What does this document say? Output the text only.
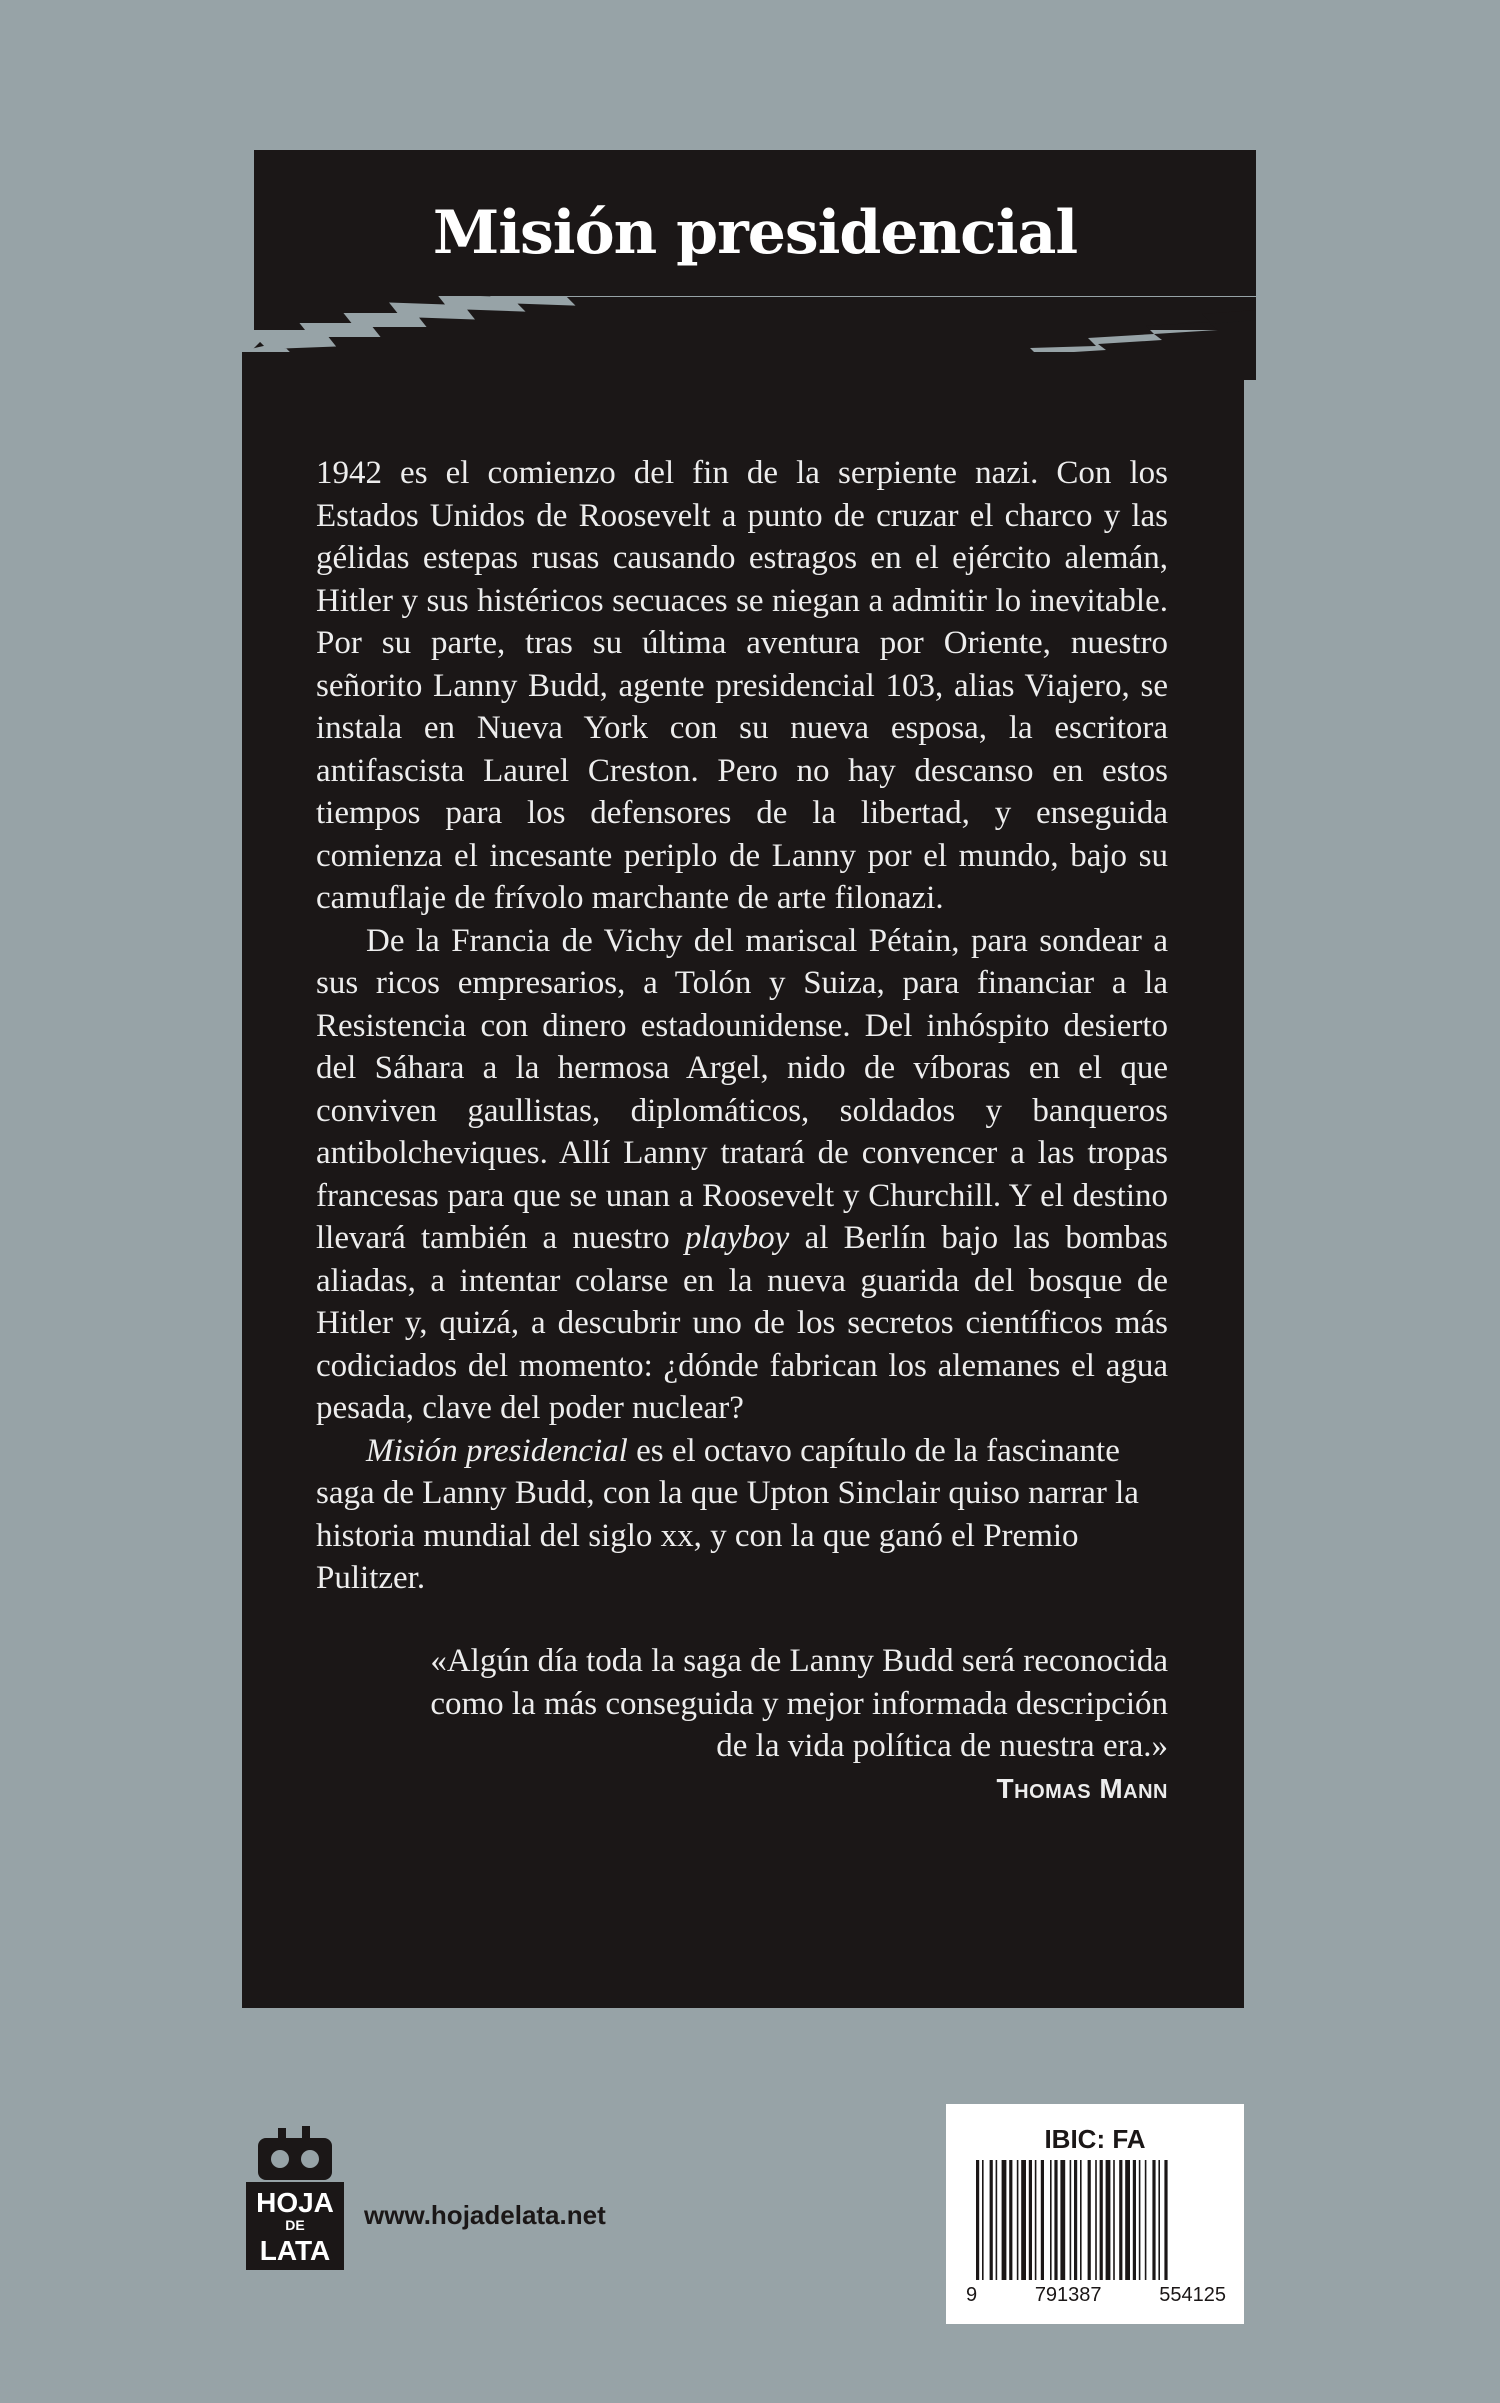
Misión presidencial

1942 es el comienzo del fin de la serpiente nazi. Con los Estados Unidos de Roosevelt a punto de cruzar el charco y las gélidas estepas rusas causando estragos en el ejército alemán, Hitler y sus histéricos secuaces se niegan a admitir lo inevitable. Por su parte, tras su última aventura por Oriente, nuestro señorito Lanny Budd, agente presidencial 103, alias Viajero, se instala en Nueva York con su nueva esposa, la escritora antifascista Laurel Creston. Pero no hay descanso en estos tiempos para los defensores de la libertad, y enseguida comienza el incesante periplo de Lanny por el mundo, bajo su camuflaje de frívolo marchante de arte filonazi.

De la Francia de Vichy del mariscal Pétain, para sondear a sus ricos empresarios, a Tolón y Suiza, para financiar a la Resistencia con dinero estadounidense. Del inhóspito desierto del Sáhara a la hermosa Argel, nido de víboras en el que conviven gaullistas, diplomáticos, soldados y banqueros antibolcheviques. Allí Lanny tratará de convencer a las tropas francesas para que se unan a Roosevelt y Churchill. Y el destino llevará también a nuestro playboy al Berlín bajo las bombas aliadas, a intentar colarse en la nueva guarida del bosque de Hitler y, quizá, a descubrir uno de los secretos científicos más codiciados del momento: ¿dónde fabrican los alemanes el agua pesada, clave del poder nuclear?

Misión presidencial es el octavo capítulo de la fascinante saga de Lanny Budd, con la que Upton Sinclair quiso narrar la historia mundial del siglo xx, y con la que ganó el Premio Pulitzer.

«Algún día toda la saga de Lanny Budd será reconocida
como la más conseguida y mejor informada descripción
de la vida política de nuestra era.»
Thomas Mann
HOJA
DE
LATA
www.hojadelata.net
IBIC: FA
9	791387	554125
